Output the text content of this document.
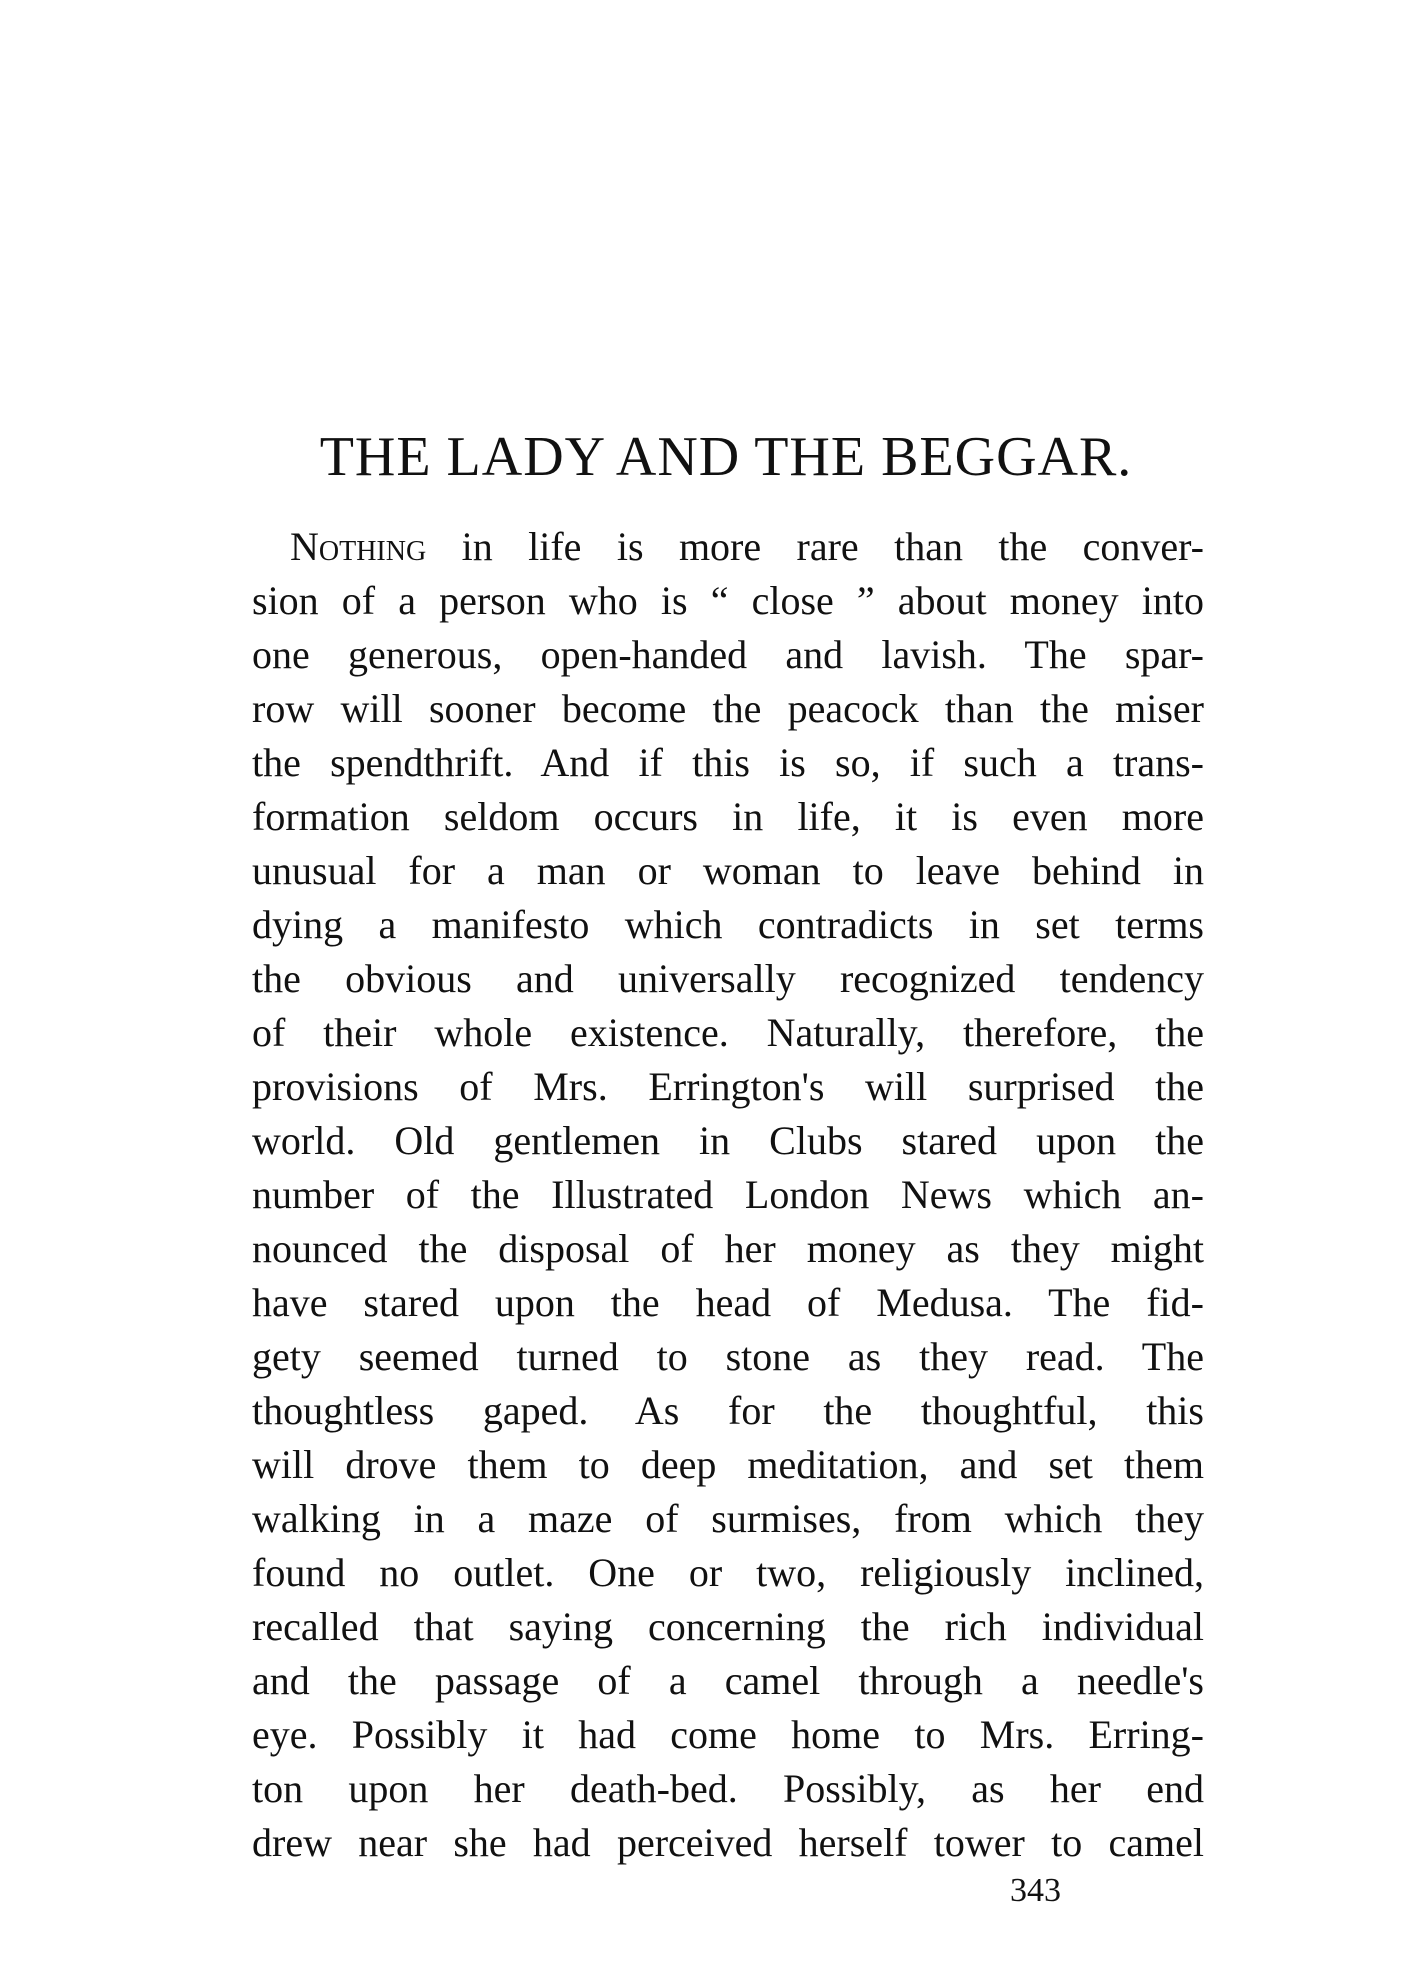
THE LADY AND THE BEGGAR.
Nothing in life is more rare than the conver-
sion of a person who is “ close ” about money into
one generous, open-handed and lavish. The spar-
row will sooner become the peacock than the miser
the spendthrift. And if this is so, if such a trans-
formation seldom occurs in life, it is even more
unusual for a man or woman to leave behind in
dying a manifesto which contradicts in set terms
the obvious and universally recognized tendency
of their whole existence. Naturally, therefore, the
provisions of Mrs. Errington's will surprised the
world. Old gentlemen in Clubs stared upon the
number of the Illustrated London News which an-
nounced the disposal of her money as they might
have stared upon the head of Medusa. The fid-
gety seemed turned to stone as they read. The
thoughtless gaped. As for the thoughtful, this
will drove them to deep meditation, and set them
walking in a maze of surmises, from which they
found no outlet. One or two, religiously inclined,
recalled that saying concerning the rich individual
and the passage of a camel through a needle's
eye. Possibly it had come home to Mrs. Erring-
ton upon her death-bed. Possibly, as her end
drew near she had perceived herself tower to camel
343
